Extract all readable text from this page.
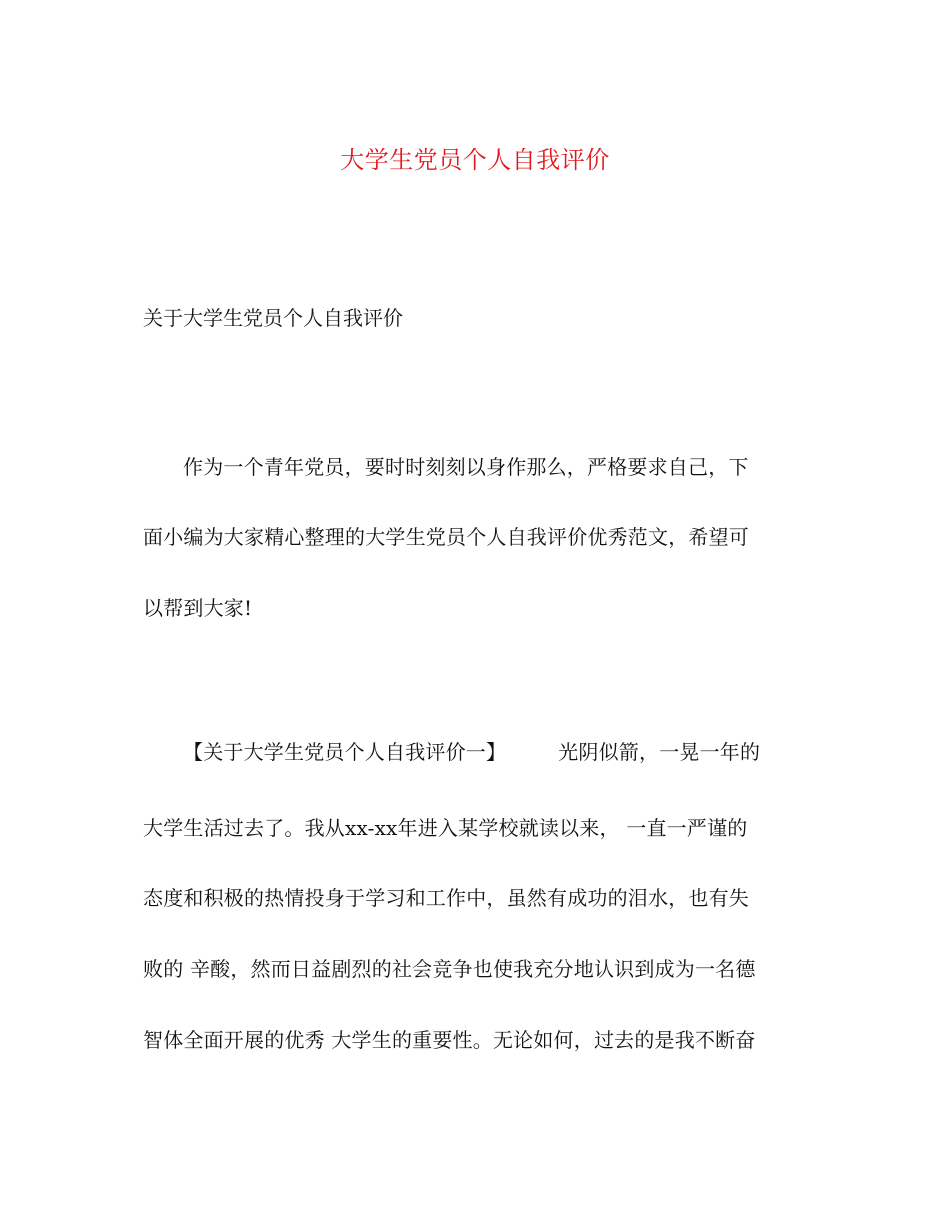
大学生党员个人自我评价
关于大学生党员个人自我评价
作为一个青年党员，要时时刻刻以身作那么，严格要求自己，下
面小编为大家精心整理的大学生党员个人自我评价优秀范文，希望可
以帮到大家!
【关于大学生党员个人自我评价一】	光阴似箭，一晃一年的
大学生活过去了。我从xx-xx年进入某学校就读以来， 一直一严谨的
态度和积极的热情投身于学习和工作中，虽然有成功的泪水，也有失
败的 辛酸，然而日益剧烈的社会竞争也使我充分地认识到成为一名德
智体全面开展的优秀 大学生的重要性。无论如何，过去的是我不断奋
